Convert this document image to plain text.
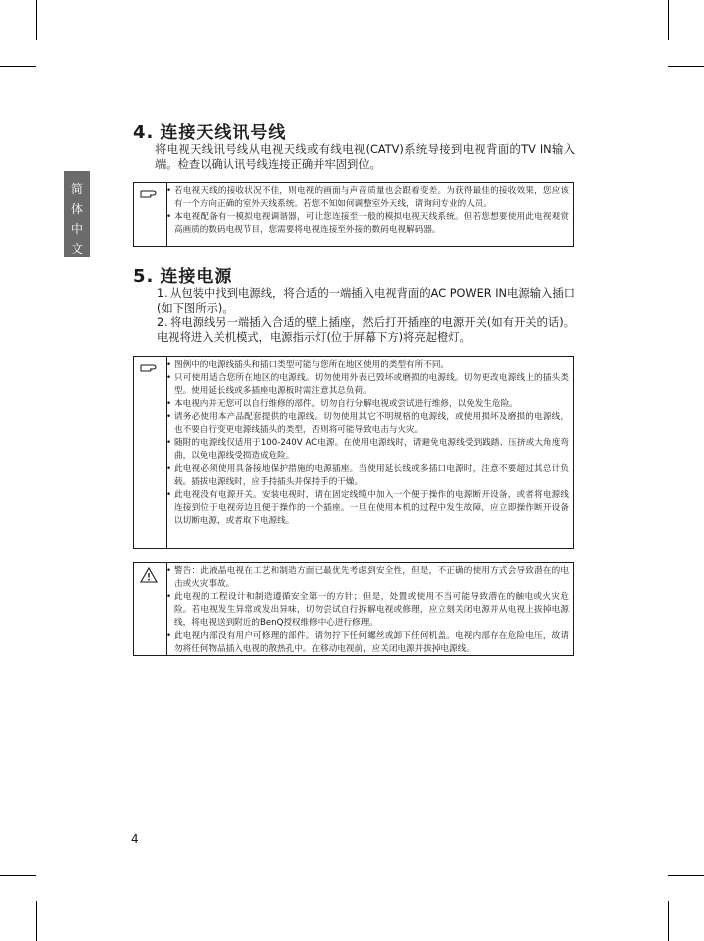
简
体
中
文
4. 连接天线讯号线
将电视天线讯号线从电视天线或有线电视(CATV)系统导接到电视背面的TV IN输入端。检查以确认讯号线连接正确并牢固到位。
• 若电视天线的接收状况不佳，则电视的画面与声音质量也会跟着变差。为获得最佳的接收效果，您应该有一个方向正确的室外天线系统。若您不知如何调整室外天线，请询问专业的人员。
• 本电视配备有一模拟电视调谐器，可让您连接至一般的模拟电视天线系统。但若您想要使用此电视观赏高画质的数码电视节目，您需要将电视连接至外接的数码电视解码器。
5. 连接电源
1. 从包装中找到电源线，将合适的一端插入电视背面的AC POWER IN电源输入插口(如下图所示)。
2. 将电源线另一端插入合适的壁上插座，然后打开插座的电源开关(如有开关的话)。电视将进入关机模式，电源指示灯(位于屏幕下方)将亮起橙灯。
• 图例中的电源线插头和插口类型可能与您所在地区使用的类型有所不同。
• 只可使用适合您所在地区的电源线。切勿使用外表已毁坏或磨损的电源线。切勿更改电源线上的插头类型。使用延长线或多插座电源板时需注意其总负荷。
• 本电视内并无您可以自行维修的部件。切勿自行分解电视或尝试进行维修，以免发生危险。
• 请务必使用本产品配套提供的电源线。切勿使用其它不明规格的电源线，或使用损坏及磨损的电源线，也不要自行变更电源线插头的类型，否则将可能导致电击与火灾。
• 随附的电源线仅适用于100-240V AC电源。在使用电源线时，请避免电源线受到践踏、压挤或大角度弯曲，以免电源线受损造成危险。
• 此电视必须使用具备接地保护措施的电源插座。当使用延长线或多插口电源时，注意不要超过其总计负载。插拔电源线时，应手持插头并保持手的干燥。
• 此电视没有电源开关。安装电视时，请在固定线缆中加入一个便于操作的电源断开设备，或者将电源线连接到位于电视旁边且便于操作的一个插座。一旦在使用本机的过程中发生故障，应立即操作断开设备以切断电源，或者取下电源线。
• 警告：此液晶电视在工艺和制造方面已最优先考虑到安全性，但是，不正确的使用方式会导致潜在的电击或火灾事故。
• 此电视的工程设计和制造遵循安全第一的方针；但是，处置或使用不当可能导致潜在的触电或火灾危险。若电视发生异常或发出异味，切勿尝试自行拆解电视或修理，应立刻关闭电源并从电视上拔掉电源线，将电视送到附近的BenQ授权维修中心进行修理。
• 此电视内部没有用户可修理的部件。请勿拧下任何螺丝或卸下任何机盖。电视内部存在危险电压，故请勿将任何物品插入电视的散热孔中。在移动电视前，应关闭电源并拔掉电源线。
4
